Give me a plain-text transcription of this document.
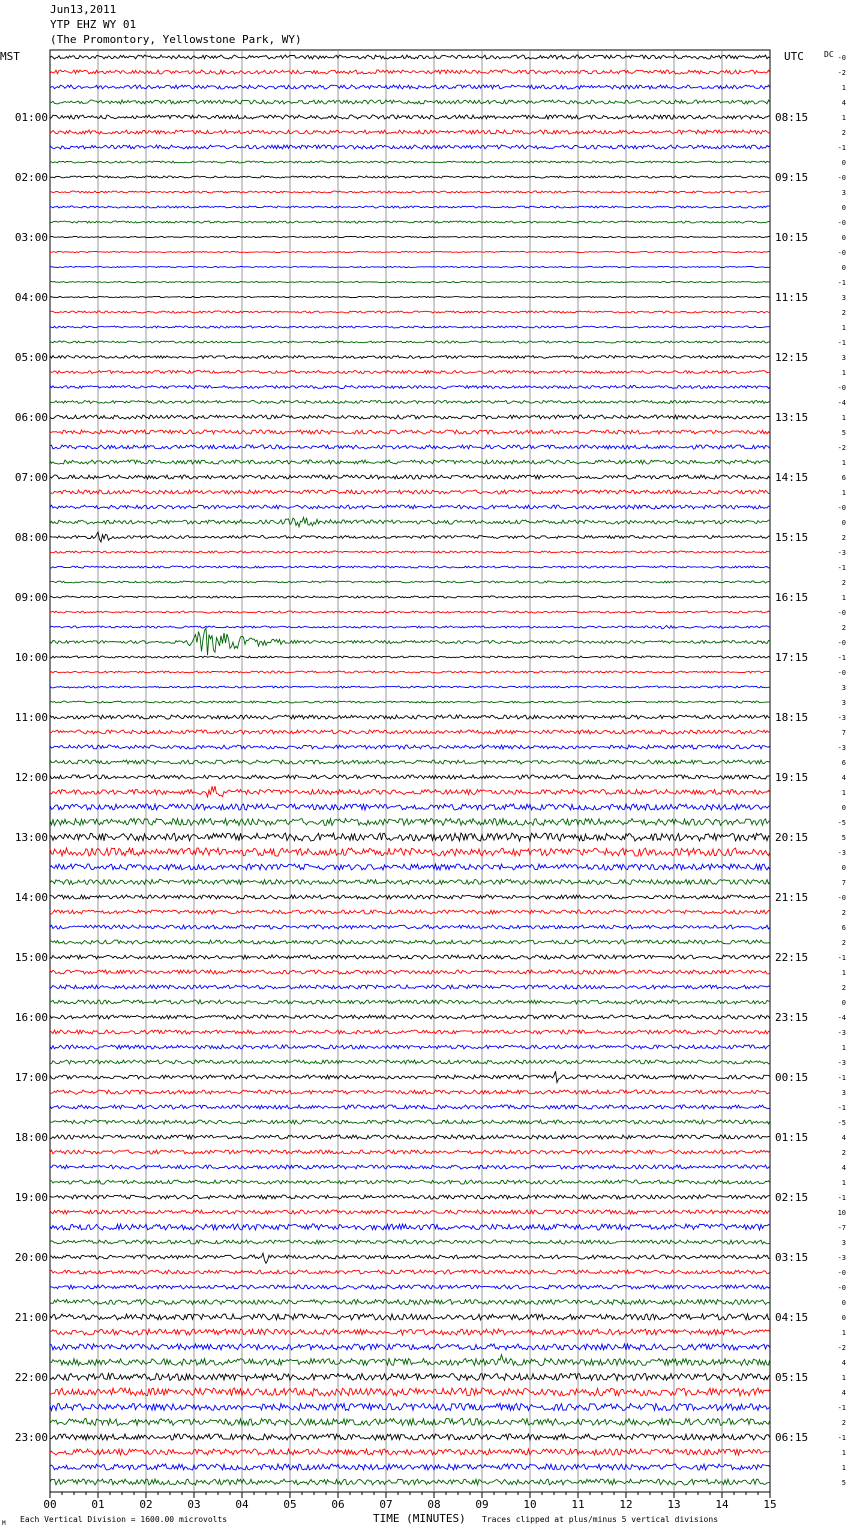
Jun13,2011
YTP EHZ WY 01
(The Promontory, Yellowstone Park, WY)
MST	UTC	DC
01:00	08:15
02:00	09:15
03:00	10:15
04:00	11:15
05:00	12:15
06:00	13:15
07:00	14:15
08:00	15:15
09:00	16:15
10:00	17:15
11:00	18:15
12:00	19:15
13:00	20:15
14:00	21:15
15:00	22:15
16:00	23:15
17:00	00:15
18:00	01:15
19:00	02:15
20:00	03:15
21:00	04:15
22:00	05:15
23:00	06:15
-0
-2
1
4
1
2
-1
0
-0
3
0
-0
0
-0
0
-1
3
2
1
-1
3
1
-0
-4
1
5
-2
1
6
1
-0
0
2
-3
-1
2
1
-0
2
-0
-1
-0
3
3
-3
7
-3
6
4
1
0
-5
5
-3
0
7
-0
2
6
2
-1
1
2
0
-4
-3
1
-3
-1
3
-1
-5
4
2
4
1
-1
10
-7
3
-3
-0
-0
0
0
1
-2
4
1
4
-1
2
-1
1
1
5
00	01	02	03	04	05	06	07	08	09	10	11	12	13	14	15
M Each Vertical Division = 1600.00 microvolts	TIME (MINUTES) Traces clipped at plus/minus 5 vertical divisions
